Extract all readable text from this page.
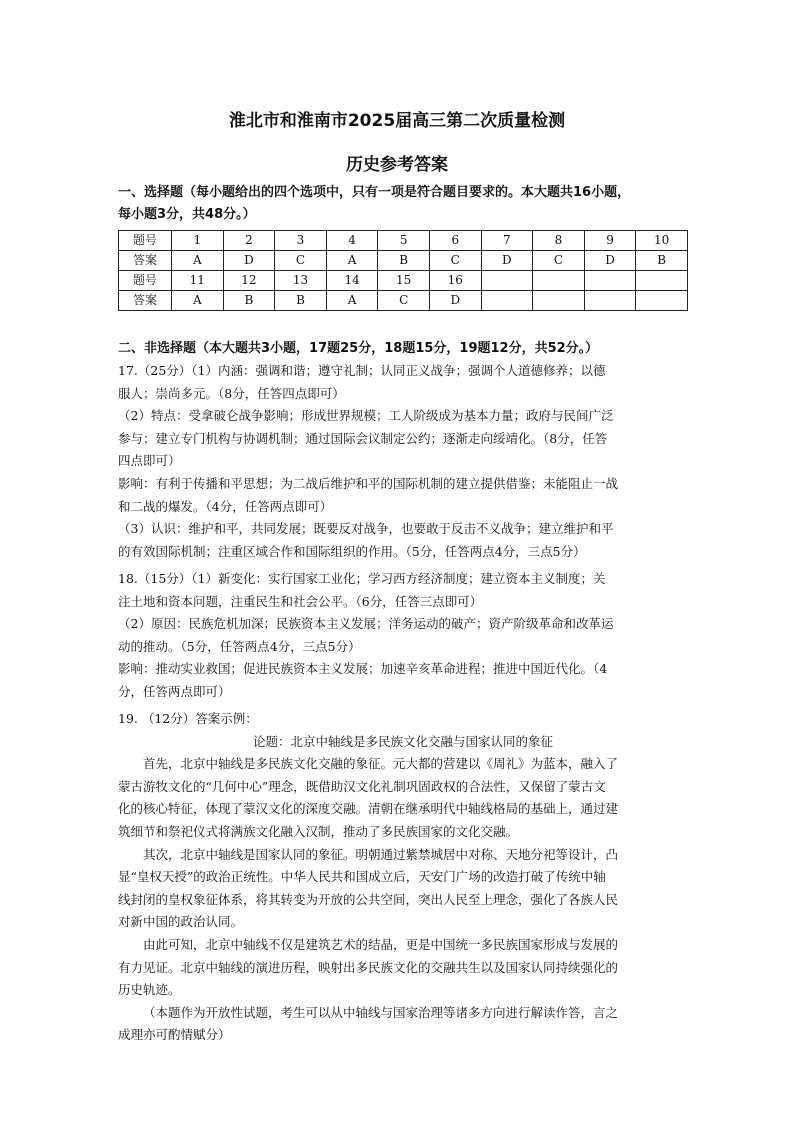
淮北市和淮南市2025届高三第二次质量检测
历史参考答案
一、选择题（每小题给出的四个选项中，只有一项是符合题目要求的。本大题共16小题，
每小题3分，共48分。）
题号	1	2	3	4	5	6	7	8	9	10
答案	A	D	C	A	B	C	D	C	D	B
题号	11	12	13	14	15	16				
答案	A	B	B	A	C	D				
二、非选择题（本大题共3小题，17题25分，18题15分，19题12分，共52分。）

17.（25分）（1）内涵：强调和谐；遵守礼制；认同正义战争；强调个人道德修养；以德

服人；崇尚多元。（8分，任答四点即可）

（2）特点：受拿破仑战争影响；形成世界规模；工人阶级成为基本力量；政府与民间广泛

参与；建立专门机构与协调机制；通过国际会议制定公约；逐渐走向绥靖化。（8分，任答

四点即可）

影响：有利于传播和平思想；为二战后维护和平的国际机制的建立提供借鉴；未能阻止一战

和二战的爆发。（4分，任答两点即可）

（3）认识：维护和平，共同发展；既要反对战争，也要敢于反击不义战争；建立维护和平

的有效国际机制；注重区域合作和国际组织的作用。（5分，任答两点4分，三点5分）

18.（15分）（1）新变化：实行国家工业化；学习西方经济制度；建立资本主义制度；关

注土地和资本问题，注重民生和社会公平。（6分，任答三点即可）

（2）原因：民族危机加深；民族资本主义发展；洋务运动的破产；资产阶级革命和改革运

动的推动。（5分，任答两点4分，三点5分）

影响：推动实业救国；促进民族资本主义发展；加速辛亥革命进程；推进中国近代化。（4

分，任答两点即可）

19. （12分）答案示例：

论题：北京中轴线是多民族文化交融与国家认同的象征

首先，北京中轴线是多民族文化交融的象征。元大都的营建以《周礼》为蓝本，融入了

蒙古游牧文化的“几何中心”理念，既借助汉文化礼制巩固政权的合法性，又保留了蒙古文

化的核心特征，体现了蒙汉文化的深度交融。清朝在继承明代中轴线格局的基础上，通过建

筑细节和祭祀仪式将满族文化融入汉制，推动了多民族国家的文化交融。

其次，北京中轴线是国家认同的象征。明朝通过紫禁城居中对称、天地分祀等设计，凸

显“皇权天授”的政治正统性。中华人民共和国成立后，天安门广场的改造打破了传统中轴

线封闭的皇权象征体系，将其转变为开放的公共空间，突出人民至上理念，强化了各族人民

对新中国的政治认同。

由此可知，北京中轴线不仅是建筑艺术的结晶，更是中国统一多民族国家形成与发展的

有力见证。北京中轴线的演进历程，映射出多民族文化的交融共生以及国家认同持续强化的

历史轨迹。

（本题作为开放性试题，考生可以从中轴线与国家治理等诸多方向进行解读作答，言之

成理亦可酌情赋分）
